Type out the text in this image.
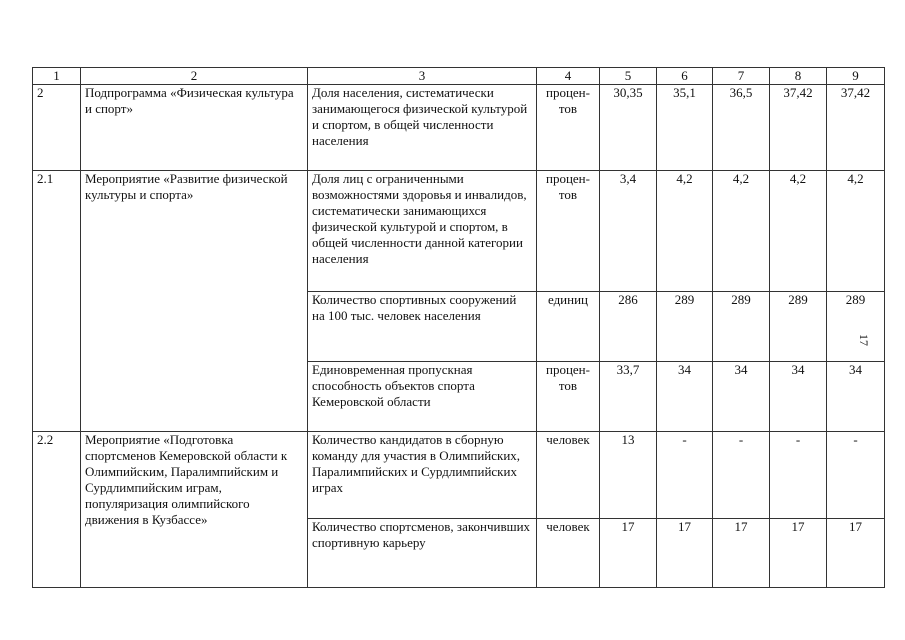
1	2	3	4	5	6	7	8	9
2	Подпрограмма «Физическая культура и спорт»	Доля населения, систематически занимающегося физической культурой и спортом, в общей численности населения	процен-тов	30,35	35,1	36,5	37,42	37,42
2.1	Мероприятие «Развитие физической культуры и спорта»	Доля лиц с ограниченными возможностями здоровья и инвалидов, систематически занимающихся физической культурой и спортом, в общей численности данной категории населения	процен-тов	3,4	4,2	4,2	4,2	4,2
		Количество спортивных сооружений на 100 тыс. человек населения	единиц	286	289	289	289	289
		Единовременная пропускная способность объектов спорта Кемеровской области	процен-тов	33,7	34	34	34	34
2.2	Мероприятие «Подготовка спортсменов Кемеровской области к Олимпийским, Паралимпийским и Сурдлимпийским играм, популяризация олимпийского движения в Кузбассе»	Количество кандидатов в сборную команду для участия в Олимпийских, Паралимпийских и Сурдлимпийских играх	человек	13	-	-	-	-
		Количество спортсменов, закончивших спортивную карьеру	человек	17	17	17	17	17
17
